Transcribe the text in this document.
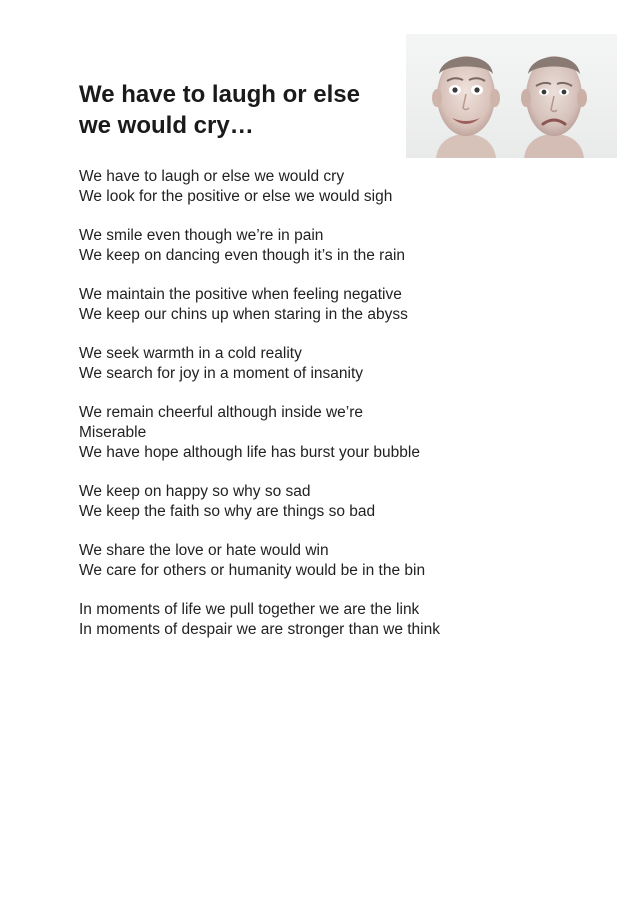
We have to laugh or else
we would cry…

We have to laugh or else we would cry
We look for the positive or else we would sigh

We smile even though we’re in pain
We keep on dancing even though it’s in the rain

We maintain the positive when feeling negative
We keep our chins up when staring in the abyss

We seek warmth in a cold reality
We search for joy in a moment of insanity

We remain cheerful although inside we’re
Miserable
We have hope although life has burst your bubble

We keep on happy so why so sad
We keep the faith so why are things so bad

We share the love or hate would win
We care for others or humanity would be in the bin

In moments of life we pull together we are the link
In moments of despair we are stronger than we think
